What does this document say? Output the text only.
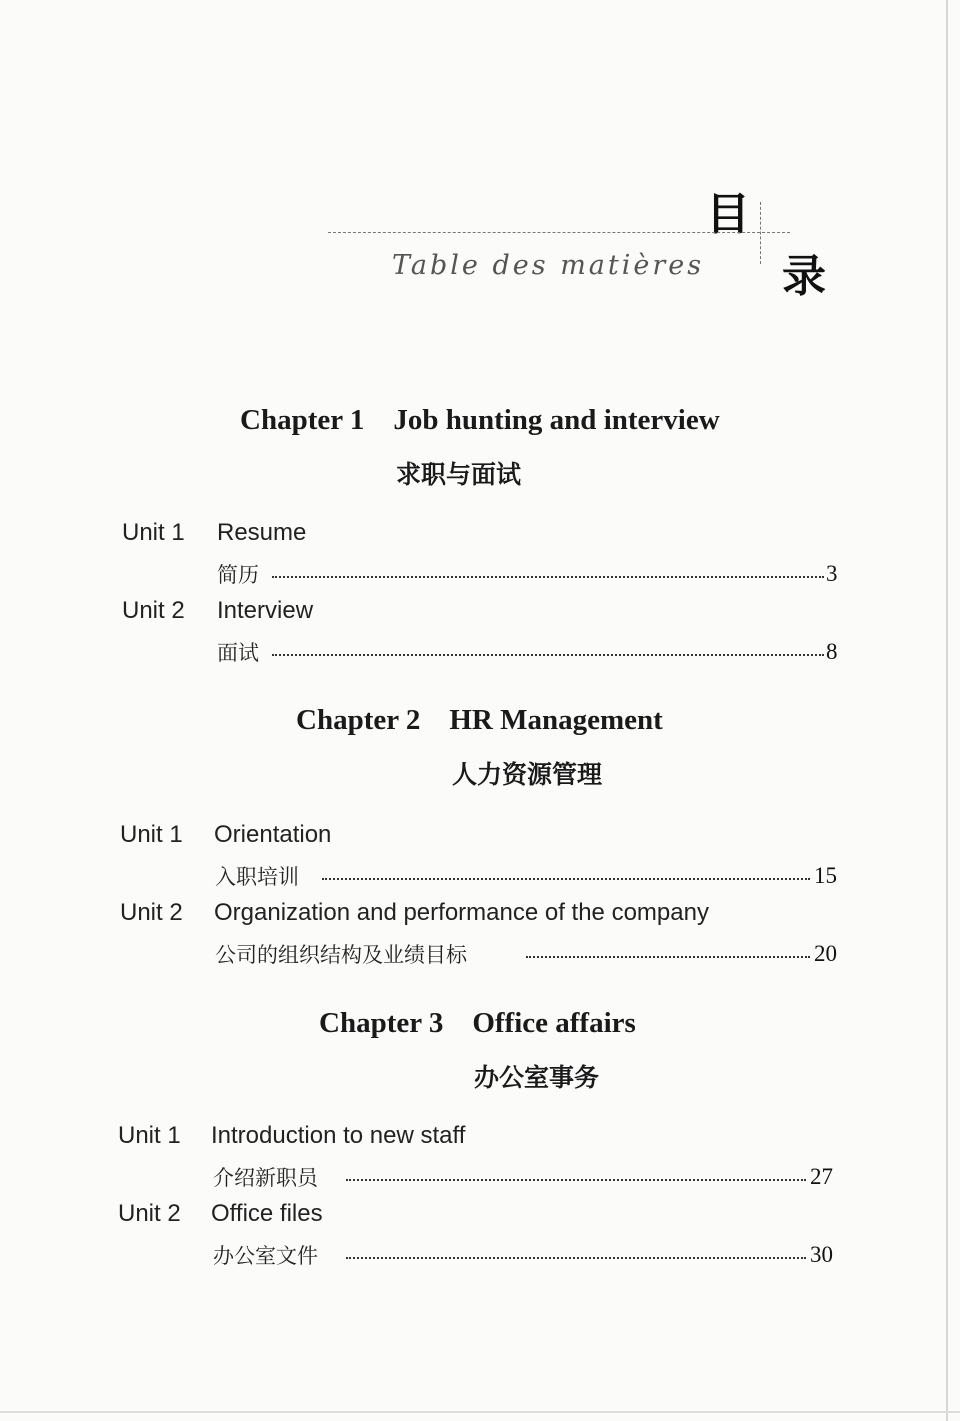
目
录
Table des matières
Chapter 1    Job hunting and interview
求职与面试
Unit 1 Resume
简历	3
Unit 2 Interview
面试	8
Chapter 2    HR Management
人力资源管理
Unit 1 Orientation
入职培训	15
Unit 2 Organization and performance of the company
公司的组织结构及业绩目标	20
Chapter 3    Office affairs
办公室事务
Unit 1 Introduction to new staff
介绍新职员	27
Unit 2 Office files
办公室文件	30
